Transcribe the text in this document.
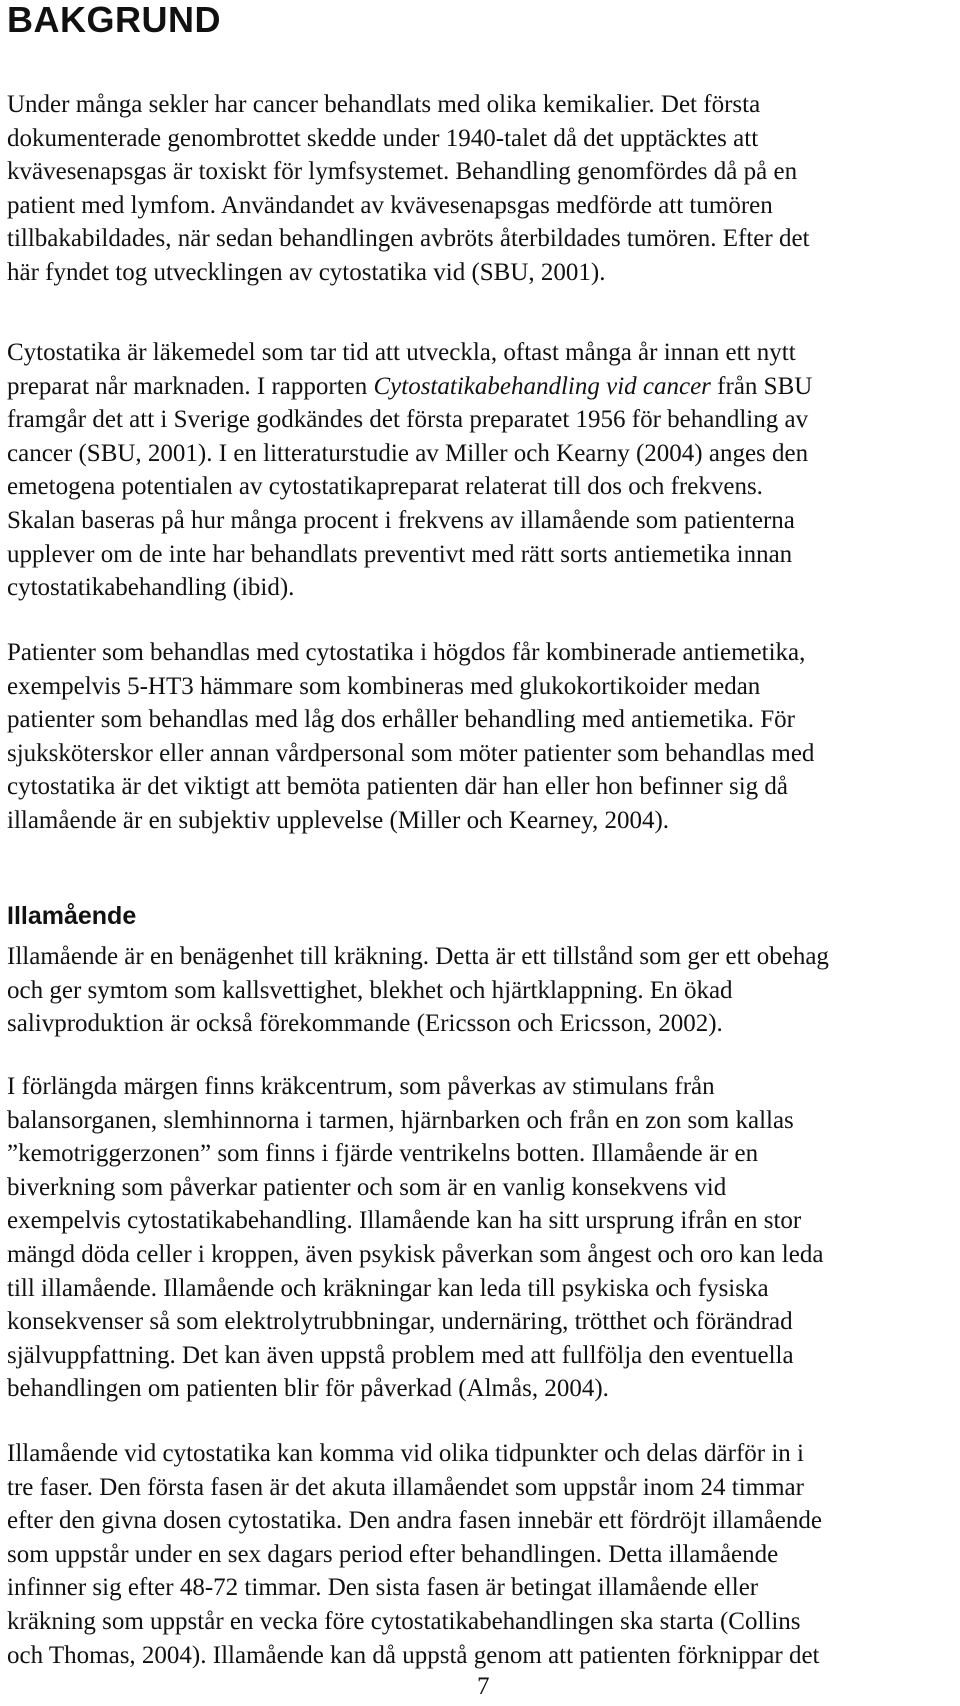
BAKGRUND

Under många sekler har cancer behandlats med olika kemikalier. Det första
dokumenterade genombrottet skedde under 1940-talet då det upptäcktes att
kvävesenapsgas är toxiskt för lymfsystemet. Behandling genomfördes då på en
patient med lymfom. Användandet av kvävesenapsgas medförde att tumören
tillbakabildades, när sedan behandlingen avbröts återbildades tumören. Efter det
här fyndet tog utvecklingen av cytostatika vid (SBU, 2001).

Cytostatika är läkemedel som tar tid att utveckla, oftast många år innan ett nytt
preparat når marknaden. I rapporten Cytostatikabehandling vid cancer från SBU
framgår det att i Sverige godkändes det första preparatet 1956 för behandling av
cancer (SBU, 2001). I en litteraturstudie av Miller och Kearny (2004) anges den
emetogena potentialen av cytostatikapreparat relaterat till dos och frekvens.
Skalan baseras på hur många procent i frekvens av illamående som patienterna
upplever om de inte har behandlats preventivt med rätt sorts antiemetika innan
cytostatikabehandling (ibid).

Patienter som behandlas med cytostatika i högdos får kombinerade antiemetika,
exempelvis 5-HT3 hämmare som kombineras med glukokortikoider medan
patienter som behandlas med låg dos erhåller behandling med antiemetika. För
sjuksköterskor eller annan vårdpersonal som möter patienter som behandlas med
cytostatika är det viktigt att bemöta patienten där han eller hon befinner sig då
illamående är en subjektiv upplevelse (Miller och Kearney, 2004).

Illamående

Illamående är en benägenhet till kräkning. Detta är ett tillstånd som ger ett obehag
och ger symtom som kallsvettighet, blekhet och hjärtklappning. En ökad
salivproduktion är också förekommande (Ericsson och Ericsson, 2002).

I förlängda märgen finns kräkcentrum, som påverkas av stimulans från
balansorganen, slemhinnorna i tarmen, hjärnbarken och från en zon som kallas
”kemotriggerzonen” som finns i fjärde ventrikelns botten. Illamående är en
biverkning som påverkar patienter och som är en vanlig konsekvens vid
exempelvis cytostatikabehandling. Illamående kan ha sitt ursprung ifrån en stor
mängd döda celler i kroppen, även psykisk påverkan som ångest och oro kan leda
till illamående. Illamående och kräkningar kan leda till psykiska och fysiska
konsekvenser så som elektrolytrubbningar, undernäring, trötthet och förändrad
självuppfattning. Det kan även uppstå problem med att fullfölja den eventuella
behandlingen om patienten blir för påverkad (Almås, 2004).

Illamående vid cytostatika kan komma vid olika tidpunkter och delas därför in i
tre faser. Den första fasen är det akuta illamåendet som uppstår inom 24 timmar
efter den givna dosen cytostatika. Den andra fasen innebär ett fördröjt illamående
som uppstår under en sex dagars period efter behandlingen. Detta illamående
infinner sig efter 48-72 timmar. Den sista fasen är betingat illamående eller
kräkning som uppstår en vecka före cytostatikabehandlingen ska starta (Collins
och Thomas, 2004). Illamående kan då uppstå genom att patienten förknippar det

7
